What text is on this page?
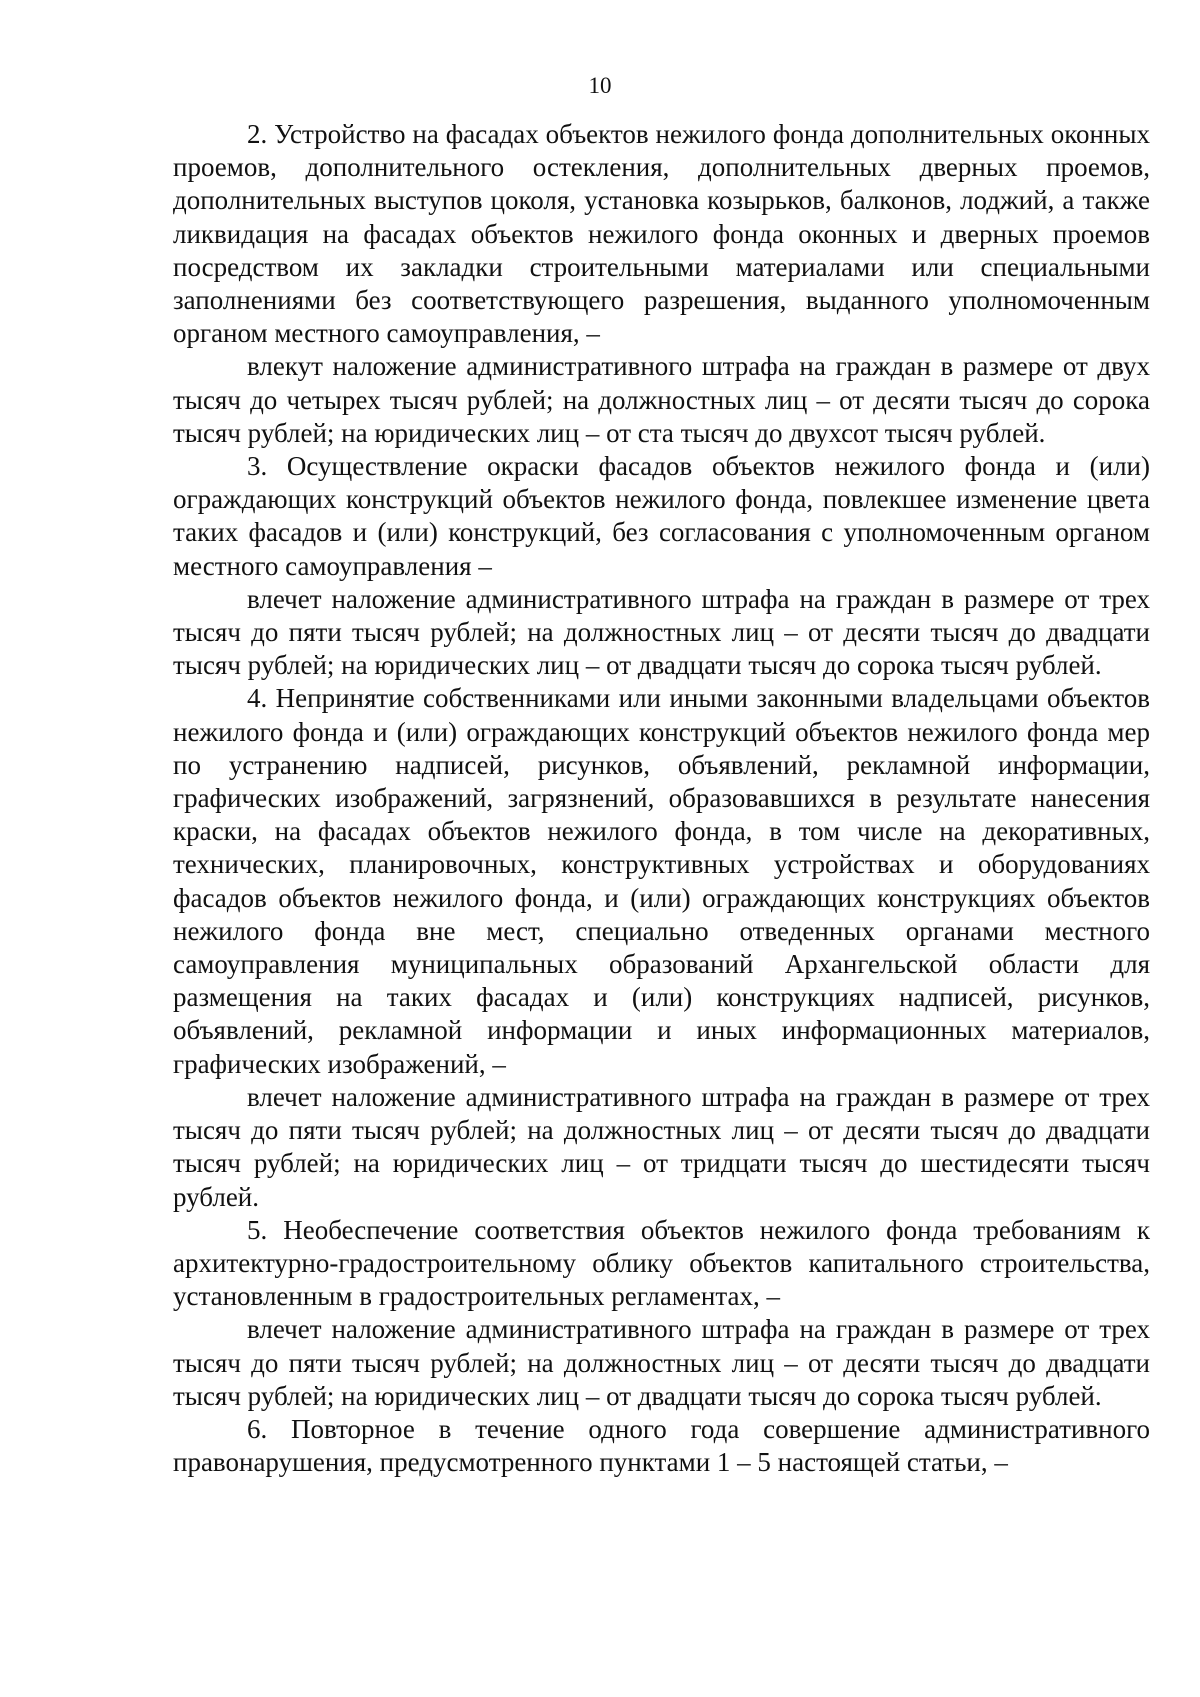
10

2. Устройство на фасадах объектов нежилого фонда дополнительных оконных проемов, дополнительного остекления, дополнительных дверных проемов, дополнительных выступов цоколя, установка козырьков, балконов, лоджий, а также ликвидация на фасадах объектов нежилого фонда оконных и дверных проемов посредством их закладки строительными материалами или специальными заполнениями без соответствующего разрешения, выданного уполномоченным органом местного самоуправления, –

влекут наложение административного штрафа на граждан в размере от двух тысяч до четырех тысяч рублей; на должностных лиц – от десяти тысяч до сорока тысяч рублей; на юридических лиц – от ста тысяч до двухсот тысяч рублей.

3. Осуществление окраски фасадов объектов нежилого фонда и (или) ограждающих конструкций объектов нежилого фонда, повлекшее изменение цвета таких фасадов и (или) конструкций, без согласования с уполномоченным органом местного самоуправления –

влечет наложение административного штрафа на граждан в размере от трех тысяч до пяти тысяч рублей; на должностных лиц – от десяти тысяч до двадцати тысяч рублей; на юридических лиц – от двадцати тысяч до сорока тысяч рублей.

4. Непринятие собственниками или иными законными владельцами объектов нежилого фонда и (или) ограждающих конструкций объектов нежилого фонда мер по устранению надписей, рисунков, объявлений, рекламной информации, графических изображений, загрязнений, образовавшихся в результате нанесения краски, на фасадах объектов нежилого фонда, в том числе на декоративных, технических, планировочных, конструктивных устройствах и оборудованиях фасадов объектов нежилого фонда, и (или) ограждающих конструкциях объектов нежилого фонда вне мест, специально отведенных органами местного самоуправления муниципальных образований Архангельской области для размещения на таких фасадах и (или) конструкциях надписей, рисунков, объявлений, рекламной информации и иных информационных материалов, графических изображений, –

влечет наложение административного штрафа на граждан в размере от трех тысяч до пяти тысяч рублей; на должностных лиц – от десяти тысяч до двадцати тысяч рублей; на юридических лиц – от тридцати тысяч до шестидесяти тысяч рублей.

5. Необеспечение соответствия объектов нежилого фонда требованиям к архитектурно-градостроительному облику объектов капитального строительства, установленным в градостроительных регламентах, –

влечет наложение административного штрафа на граждан в размере от трех тысяч до пяти тысяч рублей; на должностных лиц – от десяти тысяч до двадцати тысяч рублей; на юридических лиц – от двадцати тысяч до сорока тысяч рублей.

6. Повторное в течение одного года совершение административного правонарушения, предусмотренного пунктами 1 – 5 настоящей статьи, –
